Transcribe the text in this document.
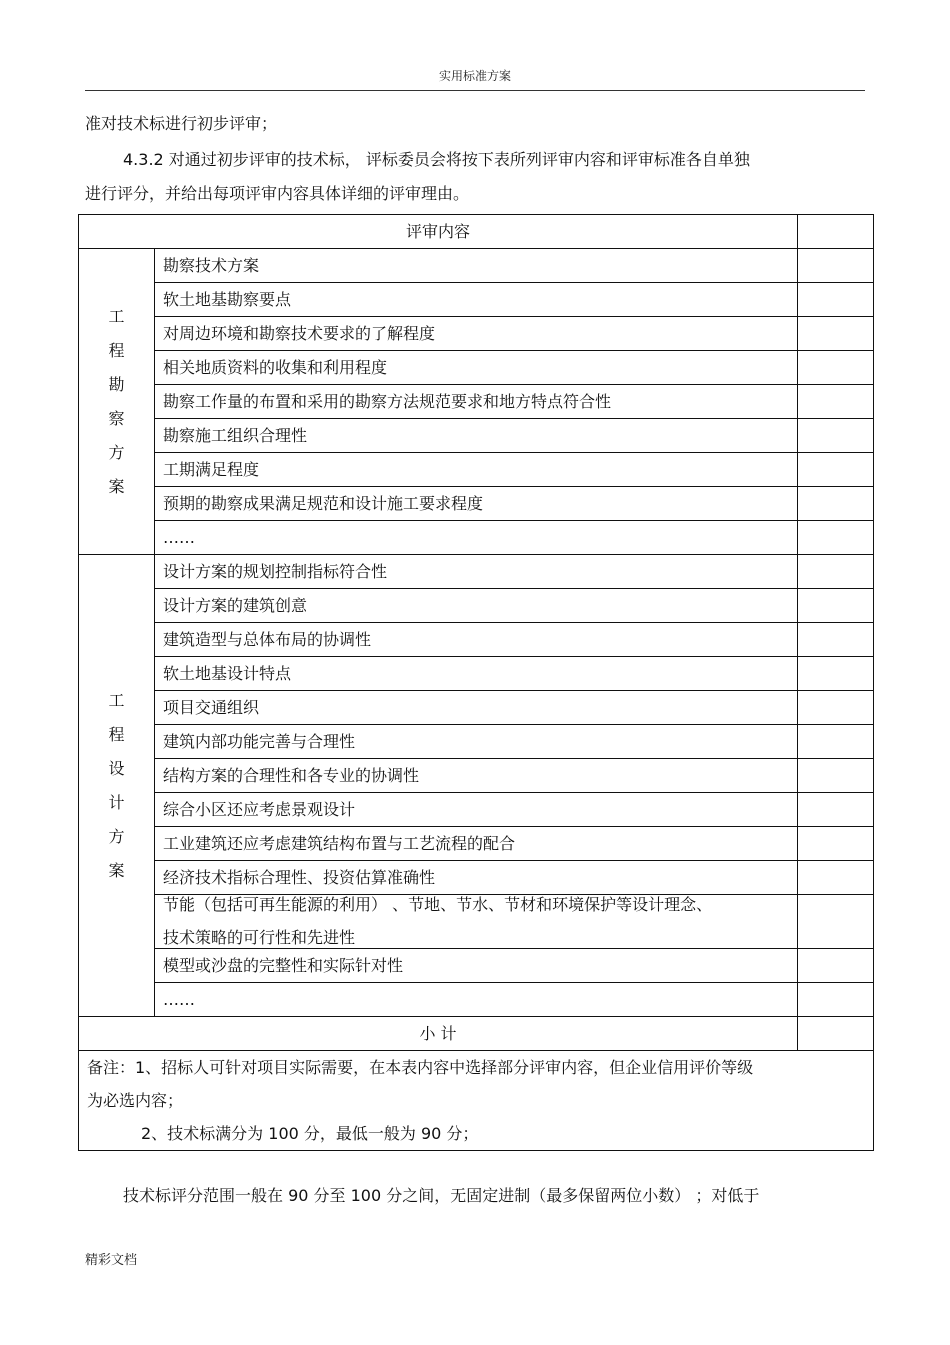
实用标准方案
准对技术标进行初步评审；
4.3.2 对通过初步评审的技术标， 评标委员会将按下表所列评审内容和评审标准各自单独
进行评分，并给出每项评审内容具体详细的评审理由。
评审内容		
工程勘察方案	勘察技术方案	
	软土地基勘察要点	
	对周边环境和勘察技术要求的了解程度	
	相关地质资料的收集和利用程度	
	勘察工作量的布置和采用的勘察方法规范要求和地方特点符合性	
	勘察施工组织合理性	
	工期满足程度	
	预期的勘察成果满足规范和设计施工要求程度	
	……	
工程设计方案	设计方案的规划控制指标符合性	
	设计方案的建筑创意	
	建筑造型与总体布局的协调性	
	软土地基设计特点	
	项目交通组织	
	建筑内部功能完善与合理性	
	结构方案的合理性和各专业的协调性	
	综合小区还应考虑景观设计	
	工业建筑还应考虑建筑结构布置与工艺流程的配合	
	经济技术指标合理性、投资估算准确性	

	节能（包括可再生能源的利用） 、节地、节水、节材和环境保护等设计理念、
技术策略的可行性和先进性	

	模型或沙盘的完整性和实际针对性	
	……	
小 计		

备注：1、招标人可针对项目实际需要，在本表内容中选择部分评审内容，但企业信用评价等级
为必选内容；
2、技术标满分为 100 分，最低一般为 90 分；		
技术标评分范围一般在 90 分至 100 分之间，无固定进制（最多保留两位小数） ；对低于
精彩文档
